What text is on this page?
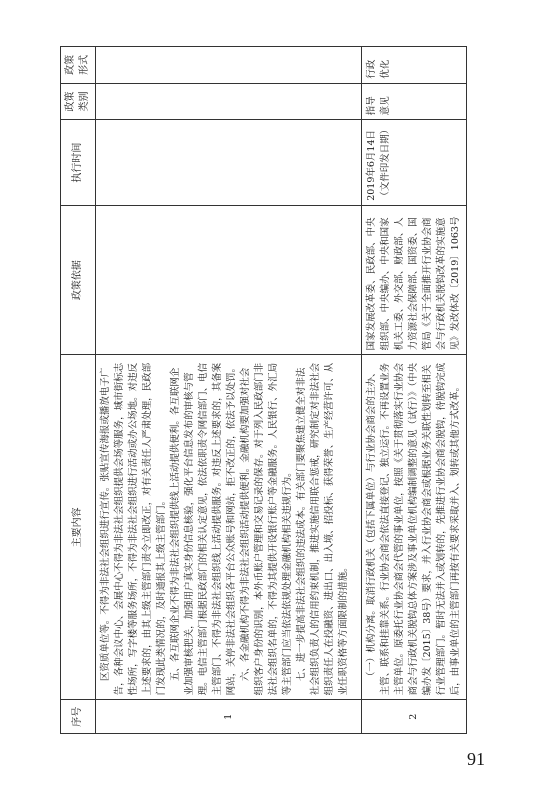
序号	主要内容	政策依据	执行时间	政策类别	政策形式
1	区资质单位等。不得为非法社会组织进行宣传。张贴宣传海报或播放电子广告，各种会议中心、会展中心不得为非法社会组织提供会场等服务，城市街标志性场所，写字楼等服务场所，不得为非法社会组织进行活动或办公场地。对违反上述要求的，由其上级主管部门责令立即改正，对有关责任人严肃处理，民政部门发现此类情况的，及时通报其上级主管部门。 五、各互联网企业不得为非法社会组织提供线上活动提供便利。各互联网企业加强审核把关，加强用户真实身份信息核验，强化平台信息发布的审核与管理。电信主管部门根据民政部门的相关认定意见，依法依职责令网信部门、电信主管部门、不得为非法社会组织线上活动提供服务。对违反上述要求的，其备案网站，关停非法社会组织各平台公众账号和网站，拒不改正的，依法予以处罚。 六、各金融机构不得为非法社会组织活动提供便利。金融机构要加强对社会组织客户身份的识别，本外币账户管理和交易记录的保存。对于列入民政部门非法社会组织名单的，不得为其提供开设银行账户等金融服务。人民银行、外汇局等主管部门应当依法依规处理金融机构相关违规行为。 七、进一步提高非法社会组织的违法成本。有关部门要聚焦建立健全对非法社会组织负责人的信用约束机制，推进实施信用联合惩戒，研究制定对非法社会组织责任人在投融资、进出口、出入境、招投标、获得荣誉、生产经营许可、从业任职资格等方面限制的措施。				

2	（一）机构分离。取消行政机关（包括下属单位）与行业协会商会的主办、主管、联系和挂靠关系。行业协会商会依法直接登记、独立运行。不再设置业务主管单位。原委托行业协会商会代管的事业单位，按照《关于贯彻落实行业协会商会与行政机关脱钩总体方案涉及事业单位机构编制调整的意见（试行）》（中央编办发〔2015〕38号）要求，并入行业协会商会或根据业务关联性划转至相关行业管理部门。暂时无法并入或划转的，先推进行业协会商会脱钩，待脱钩完成后，由事业单位的主管部门再按有关要求采取并入、划转或其他方式改革。	国家发展改革委、民政部、中央组织部、中央编办、中央和国家机关工委、外交部、财政部、人力资源社会保障部、国资委、国管局《关于全面推开行业协会商会与行政机关脱钩改革的实施意见》发改体改〔2019〕1063号	2019年6月14日（文件印发日期）	指导意见	行政优化
91
